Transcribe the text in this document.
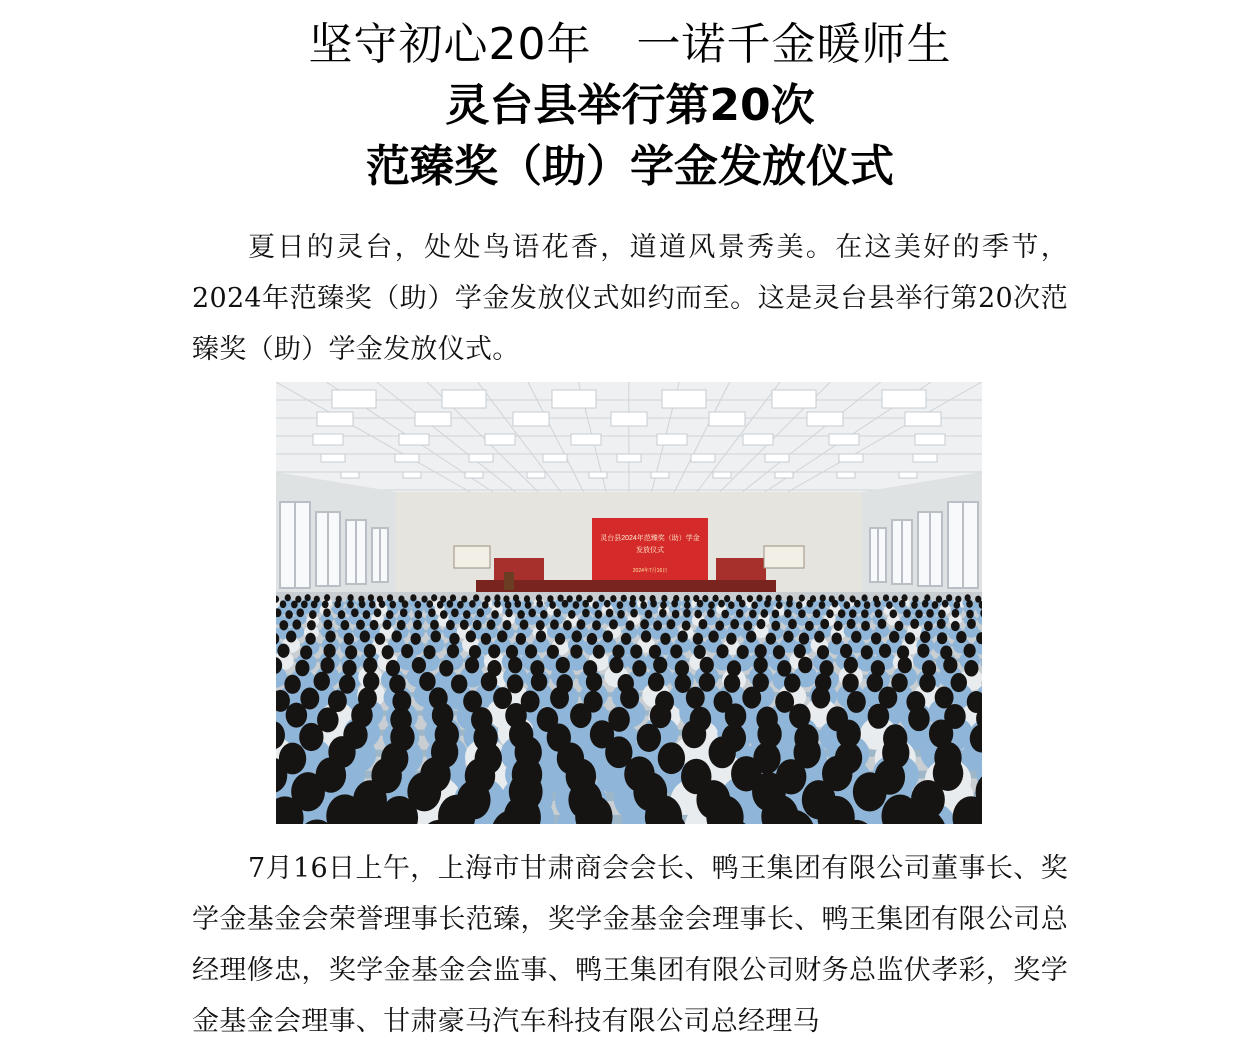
坚守初心20年　一诺千金暖师生
灵台县举行第20次
范臻奖（助）学金发放仪式

夏日的灵台，处处鸟语花香，道道风景秀美。在这美好的季节，2024年范臻奖（助）学金发放仪式如约而至。这是灵台县举行第20次范臻奖（助）学金发放仪式。

灵台县2024年范臻奖（助）学金
发放仪式
2024年7月16日

7月16日上午，上海市甘肃商会会长、鸭王集团有限公司董事长、奖学金基金会荣誉理事长范臻，奖学金基金会理事长、鸭王集团有限公司总经理修忠，奖学金基金会监事、鸭王集团有限公司财务总监伏孝彩，奖学金基金会理事、甘肃豪马汽车科技有限公司总经理马
